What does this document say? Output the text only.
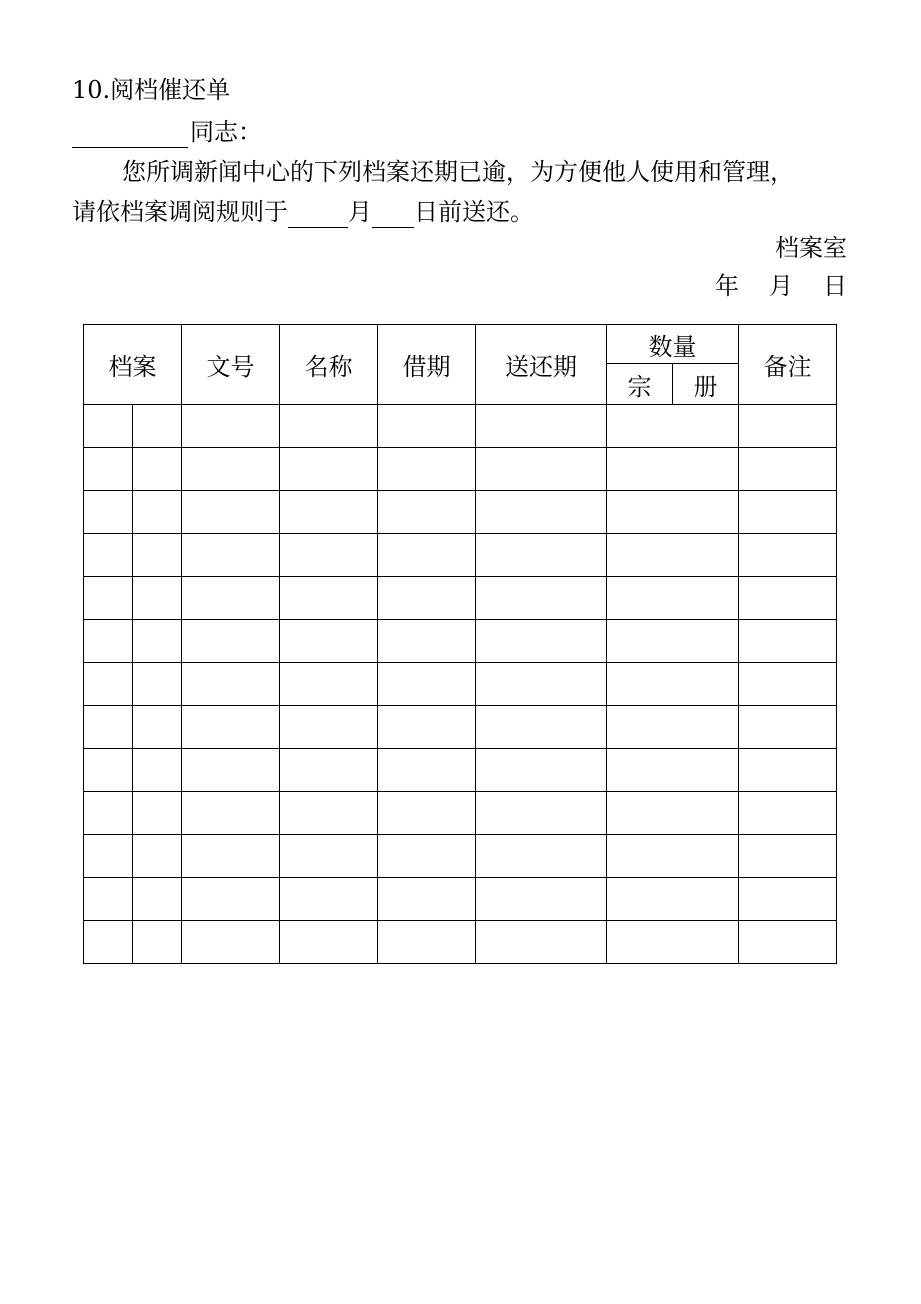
10.阅档催还单
同志：
您所调新闻中心的下列档案还期已逾，为方便他人使用和管理，
请依档案调阅规则于	月 日前送还。
档案室
年 月 日
档案		文号	名称	借期	送还期	数量		备注
						宗	册	
